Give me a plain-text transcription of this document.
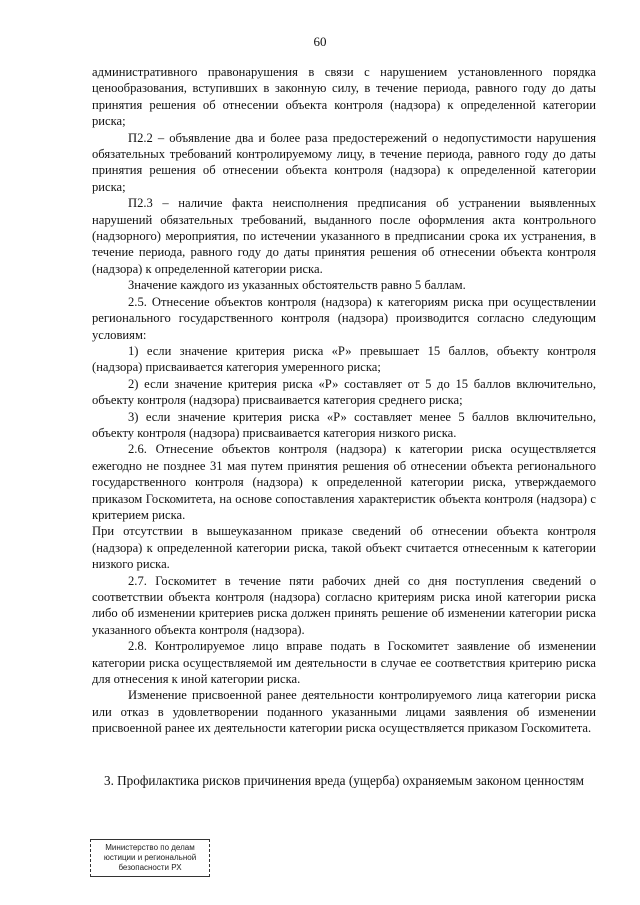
60

административного правонарушения в связи с нарушением установленного порядка ценообразования, вступивших в законную силу, в течение периода, равного году до даты принятия решения об отнесении объекта контроля (надзора) к определенной категории риска;

П2.2 – объявление два и более раза предостережений о недопустимости нарушения обязательных требований контролируемому лицу, в течение периода, равного году до даты принятия решения об отнесении объекта контроля (надзора) к определенной категории риска;

П2.3 – наличие факта неисполнения предписания об устранении выявленных нарушений обязательных требований, выданного после оформления акта контрольного (надзорного) мероприятия, по истечении указанного в предписании срока их устранения, в течение периода, равного году до даты принятия решения об отнесении объекта контроля (надзора) к определенной категории риска.

Значение каждого из указанных обстоятельств равно 5 баллам.

2.5. Отнесение объектов контроля (надзора) к категориям риска при осуществлении регионального государственного контроля (надзора) производится согласно следующим условиям:

1) если значение критерия риска «Р» превышает 15 баллов, объекту контроля (надзора) присваивается категория умеренного риска;

2) если значение критерия риска «Р» составляет от 5 до 15 баллов включительно, объекту контроля (надзора) присваивается категория среднего риска;

3) если значение критерия риска «Р» составляет менее 5 баллов включительно, объекту контроля (надзора) присваивается категория низкого риска.

2.6. Отнесение объектов контроля (надзора) к категории риска осуществляется ежегодно не позднее 31 мая путем принятия решения об отнесении объекта регионального государственного контроля (надзора) к определенной категории риска, утверждаемого приказом Госкомитета, на основе сопоставления характеристик объекта контроля (надзора) с критерием риска.

При отсутствии в вышеуказанном приказе сведений об отнесении объекта контроля (надзора) к определенной категории риска, такой объект считается отнесенным к категории низкого риска.

2.7. Госкомитет в течение пяти рабочих дней со дня поступления сведений о соответствии объекта контроля (надзора) согласно критериям риска иной категории риска либо об изменении критериев риска должен принять решение об изменении категории риска указанного объекта контроля (надзора).

2.8. Контролируемое лицо вправе подать в Госкомитет заявление об изменении категории риска осуществляемой им деятельности в случае ее соответствия критерию риска для отнесения к иной категории риска.

Изменение присвоенной ранее деятельности контролируемого лица категории риска или отказ в удовлетворении поданного указанными лицами заявления об изменении присвоенной ранее их деятельности категории риска осуществляется приказом Госкомитета.

3. Профилактика рисков причинения вреда (ущерба) охраняемым законом ценностям
Министерство по делам
юстиции и региональной
безопасности РХ
